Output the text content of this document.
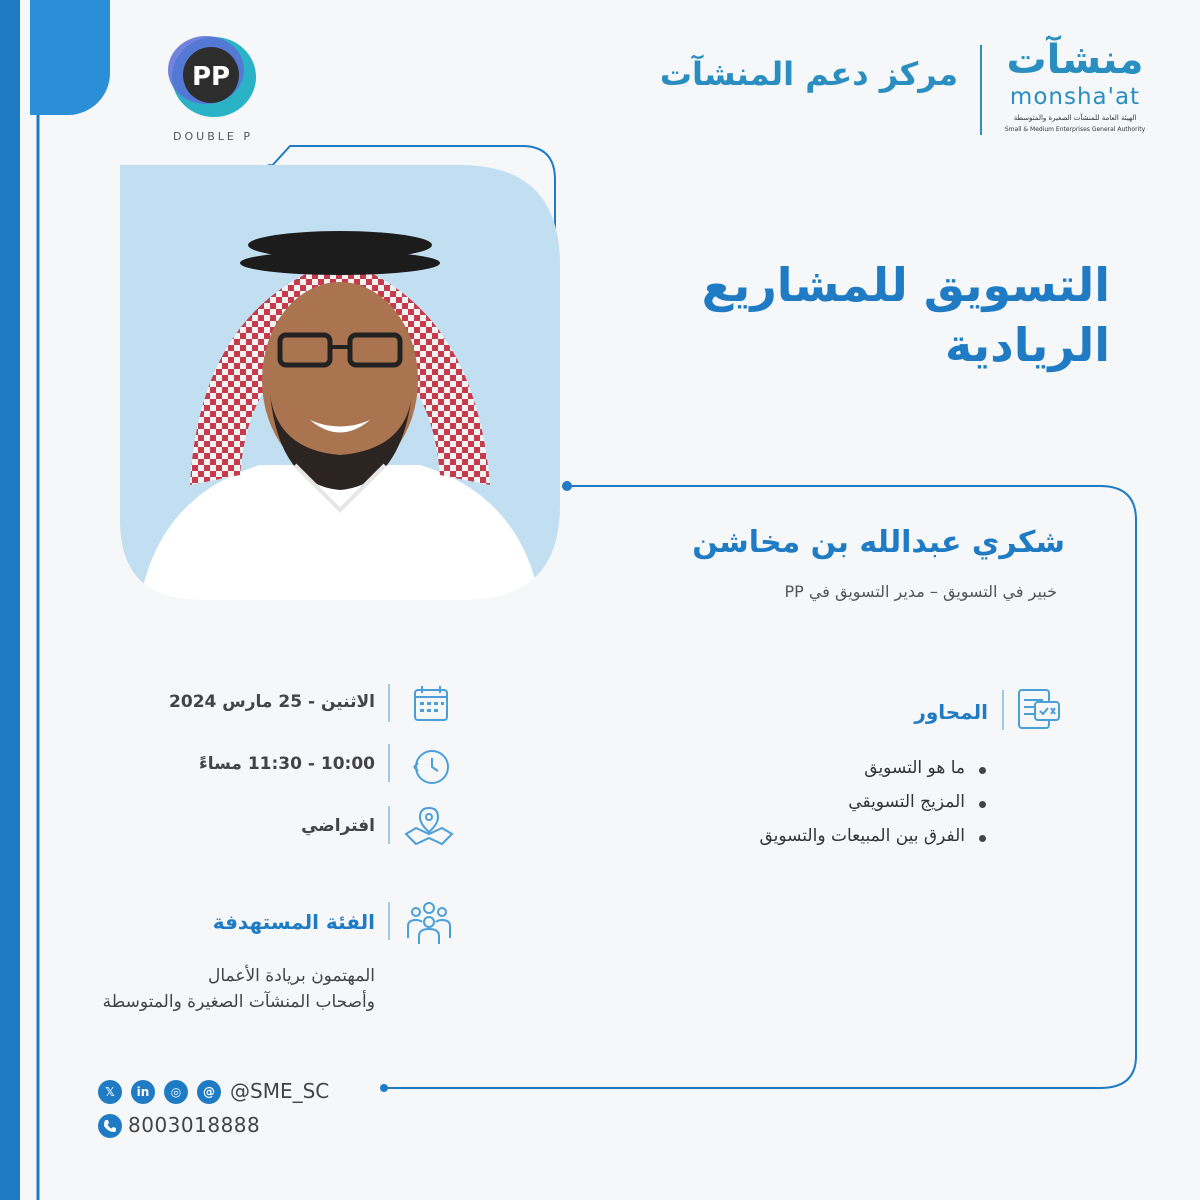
PP
DOUBLE P
مركز دعم المنشآت منشآت
monsha'at
الهيئة العامة للمنشآت الصغيرة والمتوسطة
Small & Medium Enterprises General Authority
التسويق للمشاريع
الريادية
شكري عبدالله بن مخاشن
خبير في التسويق – مدير التسويق في PP
المحاور
ما هو التسويق
المزيج التسويقي
الفرق بين المبيعات والتسويق
الاثنين - 25 مارس 2024
10:00 - 11:30 مساءً
افتراضي
الفئة المستهدفة
المهتمون بريادة الأعمال
وأصحاب المنشآت الصغيرة والمتوسطة
𝕏	in	◎	@ @SME_SC
8003018888
